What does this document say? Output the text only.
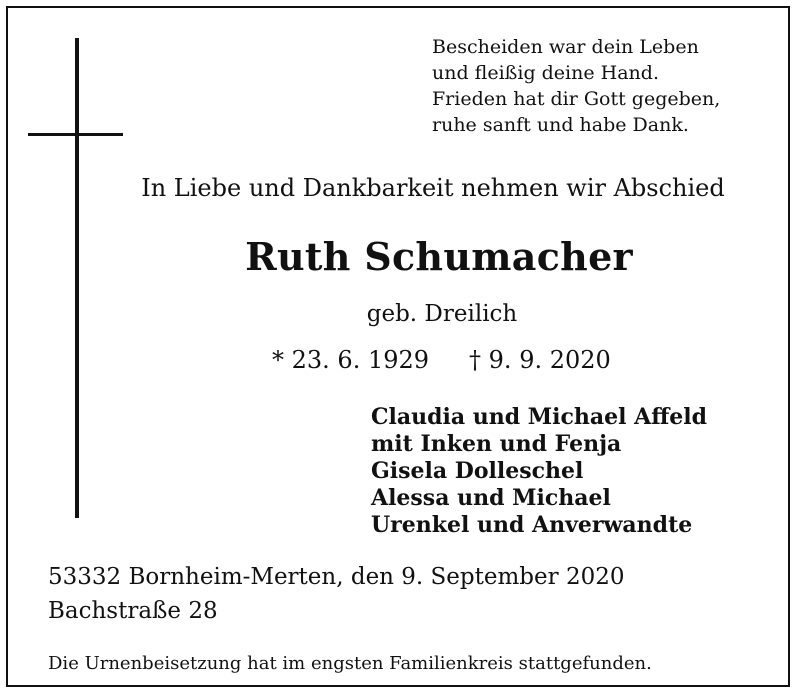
Bescheiden war dein Leben
und fleißig deine Hand.
Frieden hat dir Gott gegeben,
ruhe sanft und habe Dank.
In Liebe und Dankbarkeit nehmen wir Abschied
Ruth Schumacher
geb. Dreilich
* 23. 6. 1929 † 9. 9. 2020
Claudia und Michael Affeld
mit Inken und Fenja
Gisela Dolleschel
Alessa und Michael
Urenkel und Anverwandte
53332 Bornheim-Merten, den 9. September 2020
Bachstraße 28
Die Urnenbeisetzung hat im engsten Familienkreis stattgefunden.
